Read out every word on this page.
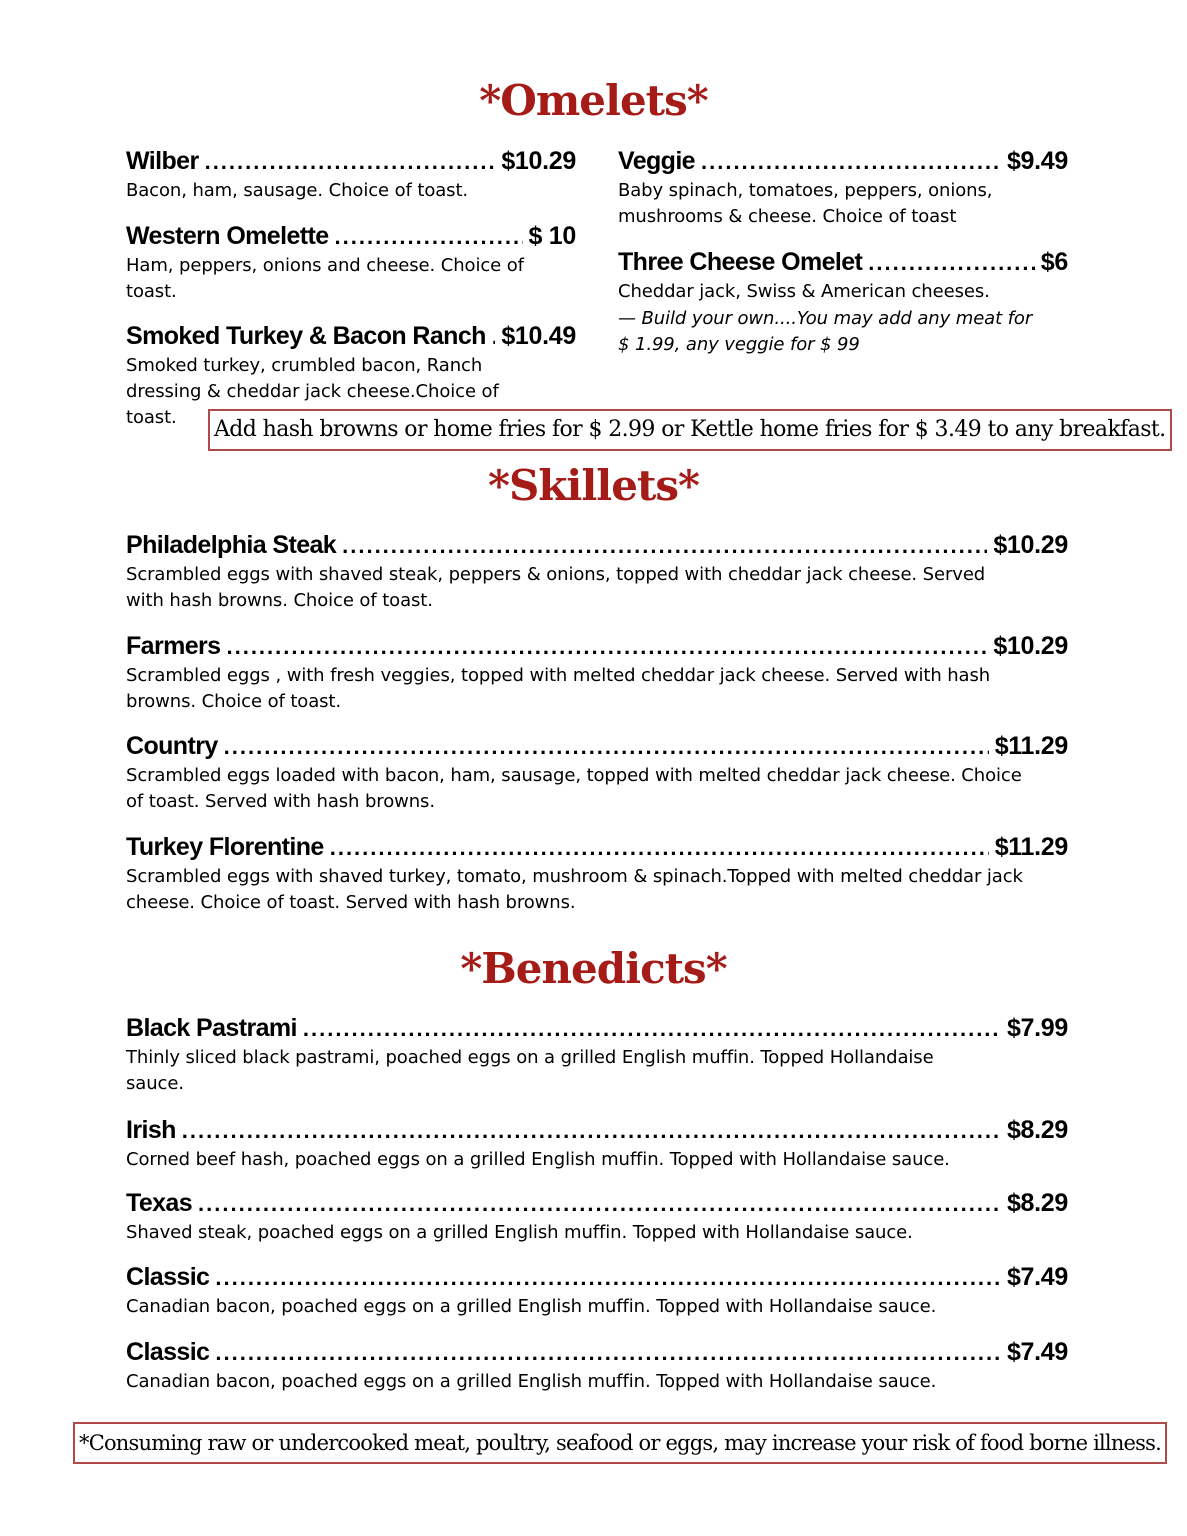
*Omelets*
Wilber .....	$10.29
Bacon, ham, sausage. Choice of toast.
Western Omelette .....	$ 10
Ham, peppers, onions and cheese. Choice of toast.
Smoked Turkey & Bacon Ranch ..... $10.49
Smoked turkey, crumbled bacon, Ranch dressing & cheddar jack cheese.Choice of toast.
Veggie .....	$9.49
Baby spinach, tomatoes, peppers, onions, mushrooms & cheese. Choice of toast
Three Cheese Omelet .....	$6
Cheddar jack, Swiss & American cheeses.
— Build your own....You may add any meat for $ 1.99, any veggie for $ 99
Add hash browns or home fries for $ 2.99 or Kettle home fries for $ 3.49 to any breakfast.
*Skillets*
Philadelphia Steak .....	$10.29
Scrambled eggs with shaved steak, peppers & onions, topped with cheddar jack cheese. Served with hash browns. Choice of toast.
Farmers .....	$10.29
Scrambled eggs , with fresh veggies, topped with melted cheddar jack cheese. Served with hash browns. Choice of toast.
Country .....	$11.29
Scrambled eggs loaded with bacon, ham, sausage, topped with melted cheddar jack cheese. Choice of toast. Served with hash browns.
Turkey Florentine .....	$11.29
Scrambled eggs with shaved turkey, tomato, mushroom & spinach.Topped with melted cheddar jack cheese. Choice of toast. Served with hash browns.
*Benedicts*
Black Pastrami .....	$7.99
Thinly sliced black pastrami, poached eggs on a grilled English muffin. Topped Hollandaise sauce.
Irish .....	$8.29
Corned beef hash, poached eggs on a grilled English muffin. Topped with Hollandaise sauce.
Texas .....	$8.29
Shaved steak, poached eggs on a grilled English muffin. Topped with Hollandaise sauce.
Classic .....	$7.49
Canadian bacon, poached eggs on a grilled English muffin. Topped with Hollandaise sauce.
Classic .....	$7.49
Canadian bacon, poached eggs on a grilled English muffin. Topped with Hollandaise sauce.
*Consuming raw or undercooked meat, poultry, seafood or eggs, may increase your risk of food borne illness.
